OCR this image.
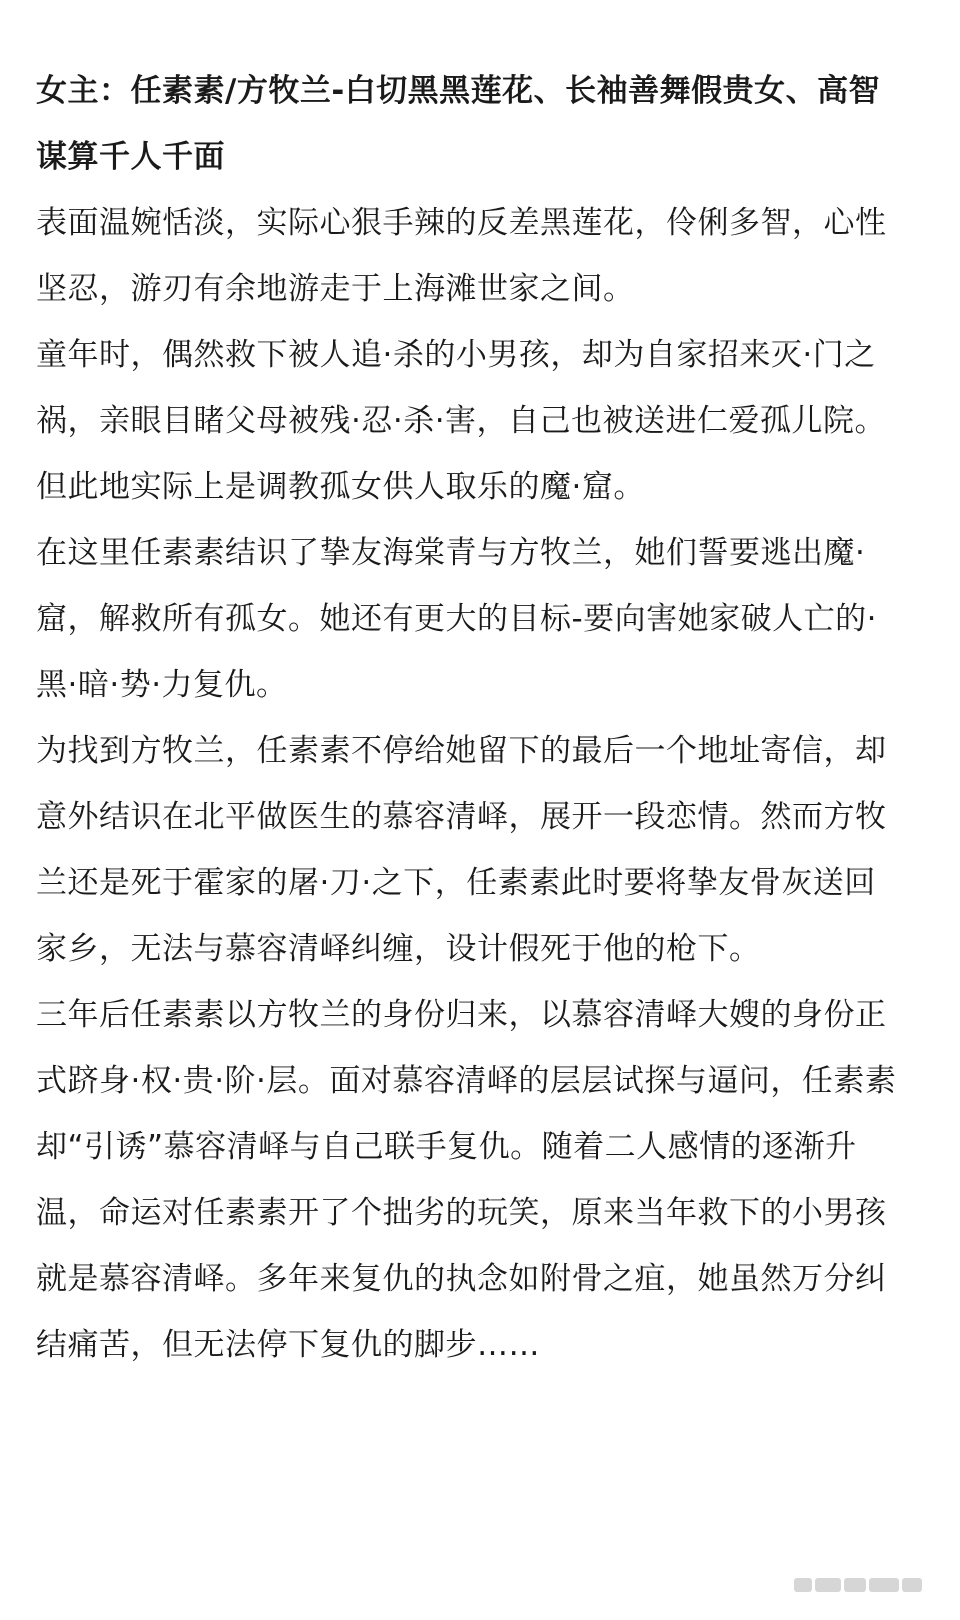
女主：任素素/方牧兰-白切黑黑莲花、长袖善舞假贵女、高智谋算千人千面

表面温婉恬淡，实际心狠手辣的反差黑莲花，伶俐多智，心性坚忍，游刃有余地游走于上海滩世家之间。

童年时，偶然救下被人追·杀的小男孩，却为自家招来灭·门之祸，亲眼目睹父母被残·忍·杀·害，自己也被送进仁爱孤儿院。但此地实际上是调教孤女供人取乐的魔·窟。

在这里任素素结识了挚友海棠青与方牧兰，她们誓要逃出魔·窟，解救所有孤女。她还有更大的目标-要向害她家破人亡的·黑·暗·势·力复仇。

为找到方牧兰，任素素不停给她留下的最后一个地址寄信，却意外结识在北平做医生的慕容清峄，展开一段恋情。然而方牧兰还是死于霍家的屠·刀·之下，任素素此时要将挚友骨灰送回家乡，无法与慕容清峄纠缠，设计假死于他的枪下。

三年后任素素以方牧兰的身份归来，以慕容清峄大嫂的身份正式跻身·权·贵·阶·层。面对慕容清峄的层层试探与逼问，任素素却“引诱”慕容清峄与自己联手复仇。随着二人感情的逐渐升温，命运对任素素开了个拙劣的玩笑，原来当年救下的小男孩就是慕容清峄。多年来复仇的执念如附骨之疽，她虽然万分纠结痛苦，但无法停下复仇的脚步……
